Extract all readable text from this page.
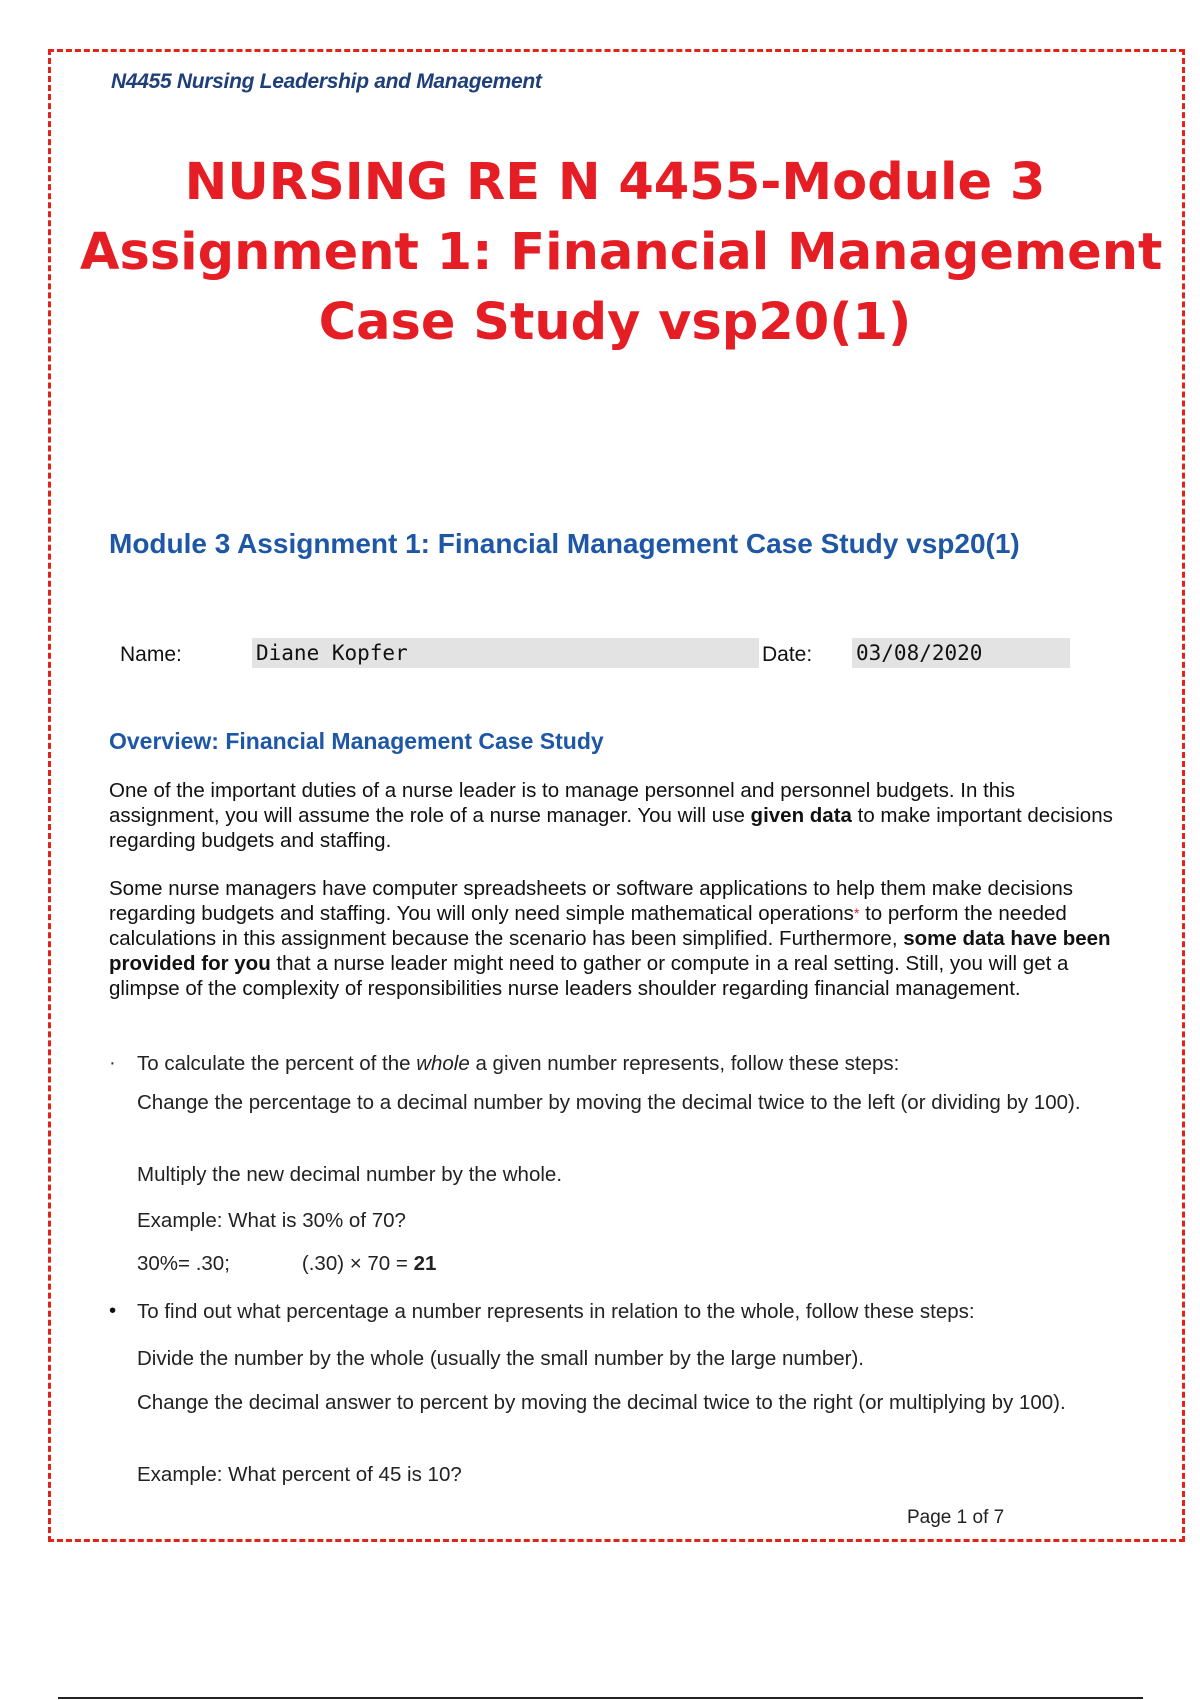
N4455 Nursing Leadership and Management
NURSING RE N 4455-Module 3
Assignment 1: Financial Management
Case Study vsp20(1)
Module 3 Assignment 1: Financial Management Case Study vsp20(1)
Name:	Diane Kopfer	Date: 03/08/2020
Overview: Financial Management Case Study
One of the important duties of a nurse leader is to manage personnel and personnel budgets. In this assignment, you will assume the role of a nurse manager. You will use given data to make important decisions regarding budgets and staffing.
Some nurse managers have computer spreadsheets or software applications to help them make decisions regarding budgets and staffing. You will only need simple mathematical operations* to perform the needed calculations in this assignment because the scenario has been simplified. Furthermore, some data have been provided for you that a nurse leader might need to gather or compute in a real setting. Still, you will get a glimpse of the complexity of responsibilities nurse leaders shoulder regarding financial management.
· To calculate the percent of the whole a given number represents, follow these steps:
Change the percentage to a decimal number by moving the decimal twice to the left (or dividing by 100).
Multiply the new decimal number by the whole.
Example: What is 30% of 70?
30%= .30;	(.30) × 70 = 21
• To find out what percentage a number represents in relation to the whole, follow these steps:
Divide the number by the whole (usually the small number by the large number).
Change the decimal answer to percent by moving the decimal twice to the right (or multiplying by 100).
Example: What percent of 45 is 10?
Page 1 of 7
